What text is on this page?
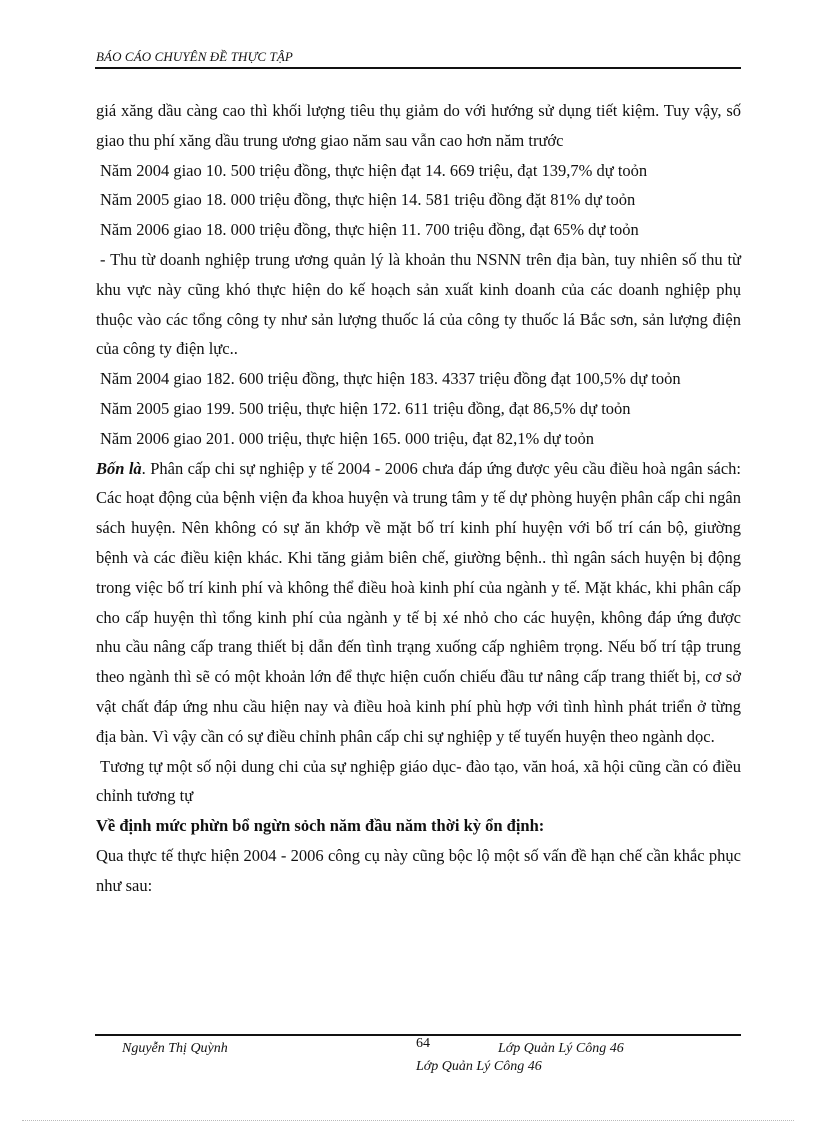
BÁO CÁO CHUYÊN ĐỀ THỰC TẬP

giá xăng dầu càng cao thì khối lượng tiêu thụ giảm do với hướng sử dụng tiết kiệm. Tuy vậy, số giao thu phí xăng dầu trung ương giao năm sau vẫn cao hơn năm trước

Năm 2004 giao 10. 500 triệu đồng, thực hiện đạt 14. 669 triệu, đạt 139,7% dự toỏn

Năm 2005 giao 18. 000 triệu đồng, thực hiện 14. 581 triệu đồng đặt 81% dự toỏn

Năm 2006 giao 18. 000 triệu đồng, thực hiện 11. 700 triệu đồng, đạt 65% dự toỏn

- Thu từ doanh nghiệp trung ương quản lý là khoản thu NSNN trên địa bàn, tuy nhiên số thu từ khu vực này cũng khó thực hiện do kế hoạch sản xuất kinh doanh của các doanh nghiệp phụ thuộc vào các tổng công ty như sản lượng thuốc lá của công ty thuốc lá Bắc sơn, sản lượng điện của công ty điện lực..

Năm 2004 giao 182. 600 triệu đồng, thực hiện 183. 4337 triệu đồng đạt 100,5% dự toỏn

Năm 2005 giao 199. 500 triệu, thực hiện 172. 611 triệu đồng, đạt 86,5% dự toỏn

Năm 2006 giao 201. 000 triệu, thực hiện 165. 000 triệu, đạt 82,1% dự toỏn

Bốn là. Phân cấp chi sự nghiệp y tế 2004 - 2006 chưa đáp ứng được yêu cầu điều hoà ngân sách: Các hoạt động của bệnh viện đa khoa huyện và trung tâm y tế dự phòng huyện phân cấp chi ngân sách huyện. Nên không có sự ăn khớp về mặt bố trí kinh phí huyện với bố trí cán bộ, giường bệnh và các điều kiện khác. Khi tăng giảm biên chế, giường bệnh.. thì ngân sách huyện bị động trong việc bố trí kinh phí và không thể điều hoà kinh phí của ngành y tế. Mặt khác, khi phân cấp cho cấp huyện thì tổng kinh phí của ngành y tế bị xé nhỏ cho các huyện, không đáp ứng được nhu cầu nâng cấp trang thiết bị dẫn đến tình trạng xuống cấp nghiêm trọng. Nếu bố trí tập trung theo ngành thì sẽ có một khoản lớn để thực hiện cuốn chiếu đầu tư nâng cấp trang thiết bị, cơ sở vật chất đáp ứng nhu cầu hiện nay và điều hoà kinh phí phù hợp với tình hình phát triển ở từng địa bàn. Vì vậy cần có sự điều chỉnh phân cấp chi sự nghiệp y tế tuyến huyện theo ngành dọc.

Tương tự một số nội dung chi của sự nghiệp giáo dục- đào tạo, văn hoá, xã hội cũng cần có điều chỉnh tương tự

Về định mức phừn bổ ngừn sỏch năm đầu năm thời kỳ ổn định:

Qua thực tế thực hiện 2004 - 2006 công cụ này cũng bộc lộ một số vấn đề hạn chế cần khắc phục như sau:

Nguyễn Thị Quỳnh	64	Lớp Quản Lý Công 46
Lớp Quản Lý Công 46
